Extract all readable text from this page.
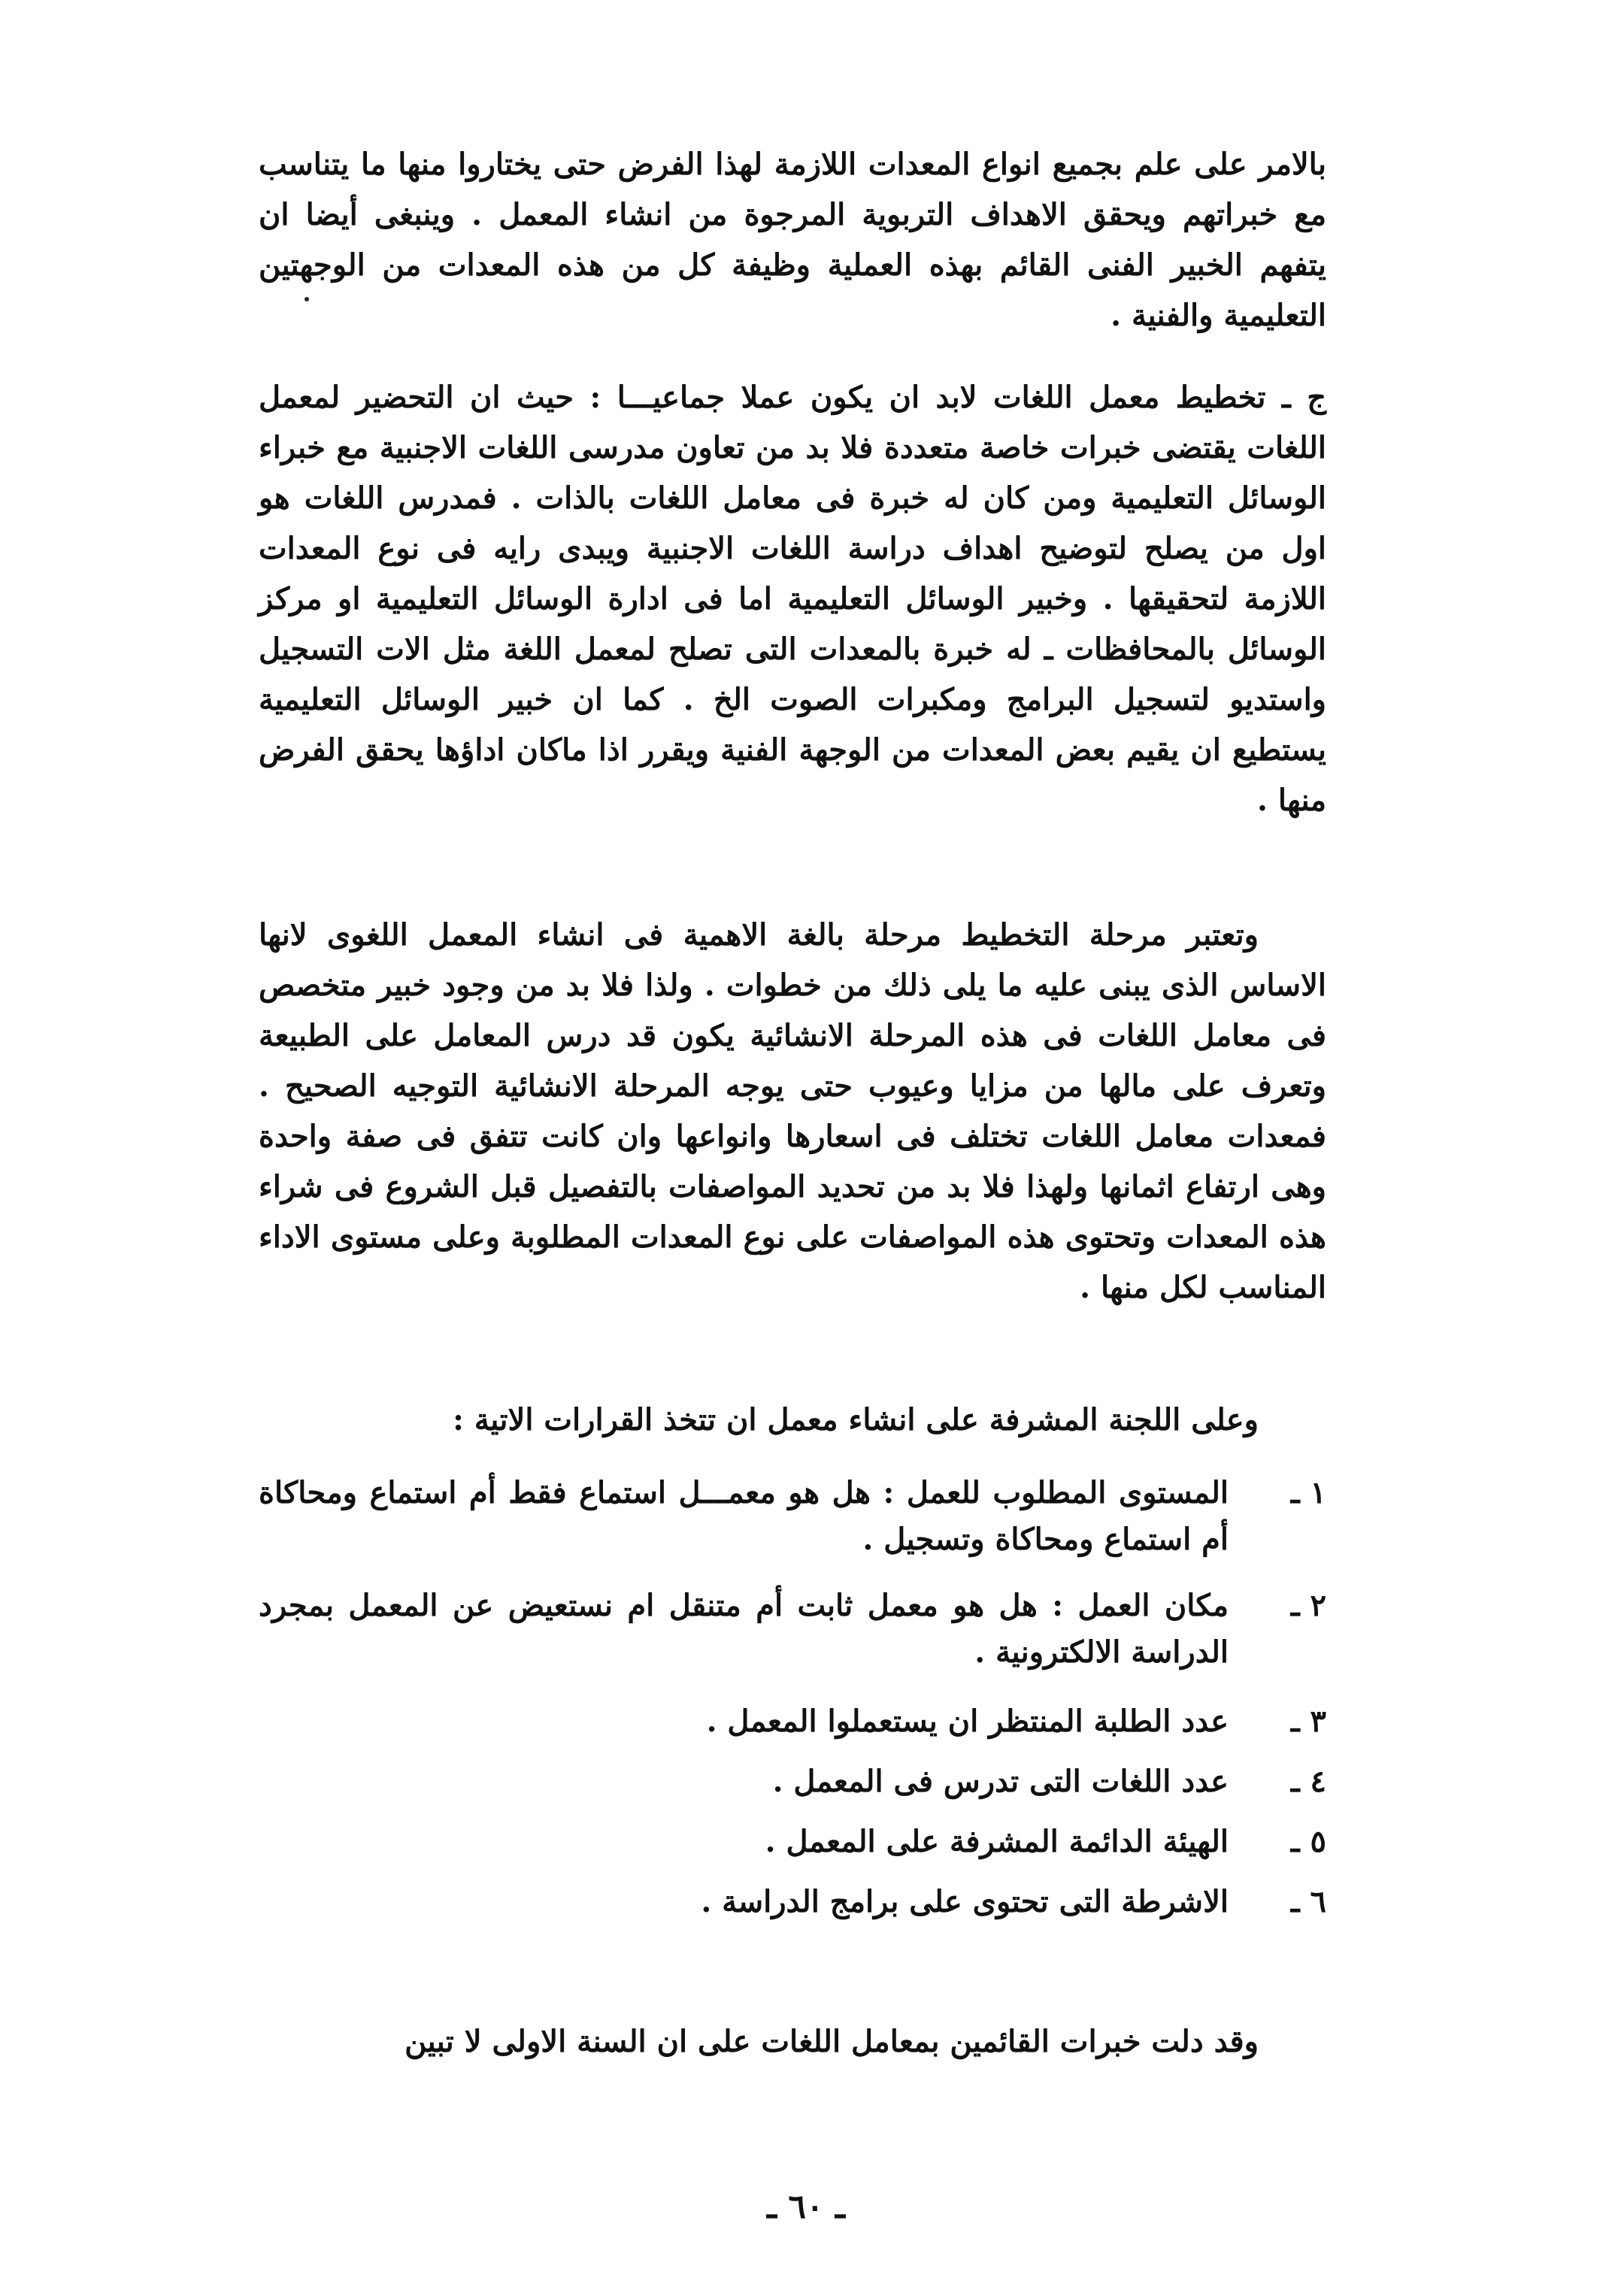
بالامر على علم بجميع انواع المعدات اللازمة لهذا الفرض حتى يختاروا منها ما يتناسب مع خبراتهم ويحقق الاهداف التربوية المرجوة من انشاء المعمل . وينبغى أيضا ان يتفهم الخبير الفنى القائم بهذه العملية وظيفة كل من هذه المعدات من الوجهتين التعليمية والفنية .

ج ـ تخطيط معمل اللغات لابد ان يكون عملا جماعيـــا : حيث ان التحضير لمعمل اللغات يقتضى خبرات خاصة متعددة فلا بد من تعاون مدرسى اللغات الاجنبية مع خبراء الوسائل التعليمية ومن كان له خبرة فى معامل اللغات بالذات . فمدرس اللغات هو اول من يصلح لتوضيح اهداف دراسة اللغات الاجنبية ويبدى رايه فى نوع المعدات اللازمة لتحقيقها . وخبير الوسائل التعليمية اما فى ادارة الوسائل التعليمية او مركز الوسائل بالمحافظات ـ له خبرة بالمعدات التى تصلح لمعمل اللغة مثل الات التسجيل واستديو لتسجيل البرامج ومكبرات الصوت الخ . كما ان خبير الوسائل التعليمية يستطيع ان يقيم بعض المعدات من الوجهة الفنية ويقرر اذا ماكان اداؤها يحقق الفرض منها .

وتعتبر مرحلة التخطيط مرحلة بالغة الاهمية فى انشاء المعمل اللغوى لانها الاساس الذى يبنى عليه ما يلى ذلك من خطوات . ولذا فلا بد من وجود خبير متخصص فى معامل اللغات فى هذه المرحلة الانشائية يكون قد درس المعامل على الطبيعة وتعرف على مالها من مزايا وعيوب حتى يوجه المرحلة الانشائية التوجيه الصحيح . فمعدات معامل اللغات تختلف فى اسعارها وانواعها وان كانت تتفق فى صفة واحدة وهى ارتفاع اثمانها ولهذا فلا بد من تحديد المواصفات بالتفصيل قبل الشروع فى شراء هذه المعدات وتحتوى هذه المواصفات على نوع المعدات المطلوبة وعلى مستوى الاداء المناسب لكل منها .

وعلى اللجنة المشرفة على انشاء معمل ان تتخذ القرارات الاتية :

١ ـ
المستوى المطلوب للعمل : هل هو معمـــل استماع فقط أم استماع ومحاكاة أم استماع ومحاكاة وتسجيل .
٢ ـ
مكان العمل : هل هو معمل ثابت أم متنقل ام نستعيض عن المعمل بمجرد الدراسة الالكترونية .
٣ ـ
عدد الطلبة المنتظر ان يستعملوا المعمل .
٤ ـ
عدد اللغات التى تدرس فى المعمل .
٥ ـ
الهيئة الدائمة المشرفة على المعمل .
٦ ـ
الاشرطة التى تحتوى على برامج الدراسة .

وقد دلت خبرات القائمين بمعامل اللغات على ان السنة الاولى لا تبين

ـ ٦٠ ـ
